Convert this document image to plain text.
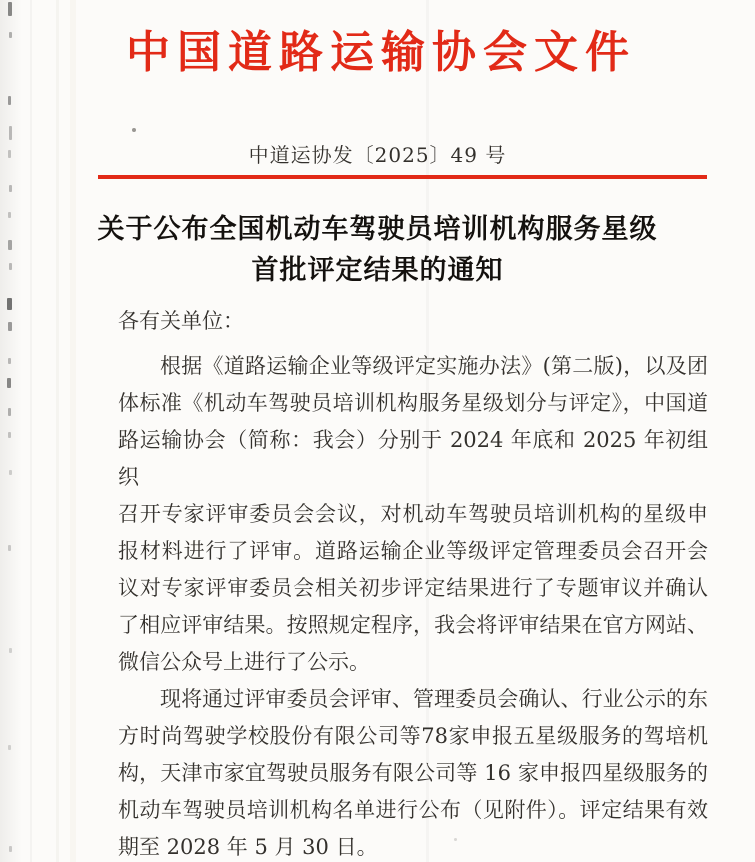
中国道路运输协会文件
中道运协发〔2025〕49 号
关于公布全国机动车驾驶员培训机构服务星级
首批评定结果的通知
各有关单位：
根据《道路运输企业等级评定实施办法》(第二版)，以及团
体标准《机动车驾驶员培训机构服务星级划分与评定》，中国道
路运输协会（简称：我会）分别于 2024 年底和 2025 年初组织
召开专家评审委员会会议，对机动车驾驶员培训机构的星级申
报材料进行了评审。道路运输企业等级评定管理委员会召开会
议对专家评审委员会相关初步评定结果进行了专题审议并确认
了相应评审结果。按照规定程序，我会将评审结果在官方网站、
微信公众号上进行了公示。
现将通过评审委员会评审、管理委员会确认、行业公示的东
方时尚驾驶学校股份有限公司等78家申报五星级服务的驾培机
构，天津市家宜驾驶员服务有限公司等 16 家申报四星级服务的
机动车驾驶员培训机构名单进行公布（见附件）。评定结果有效
期至 2028 年 5 月 30 日。
